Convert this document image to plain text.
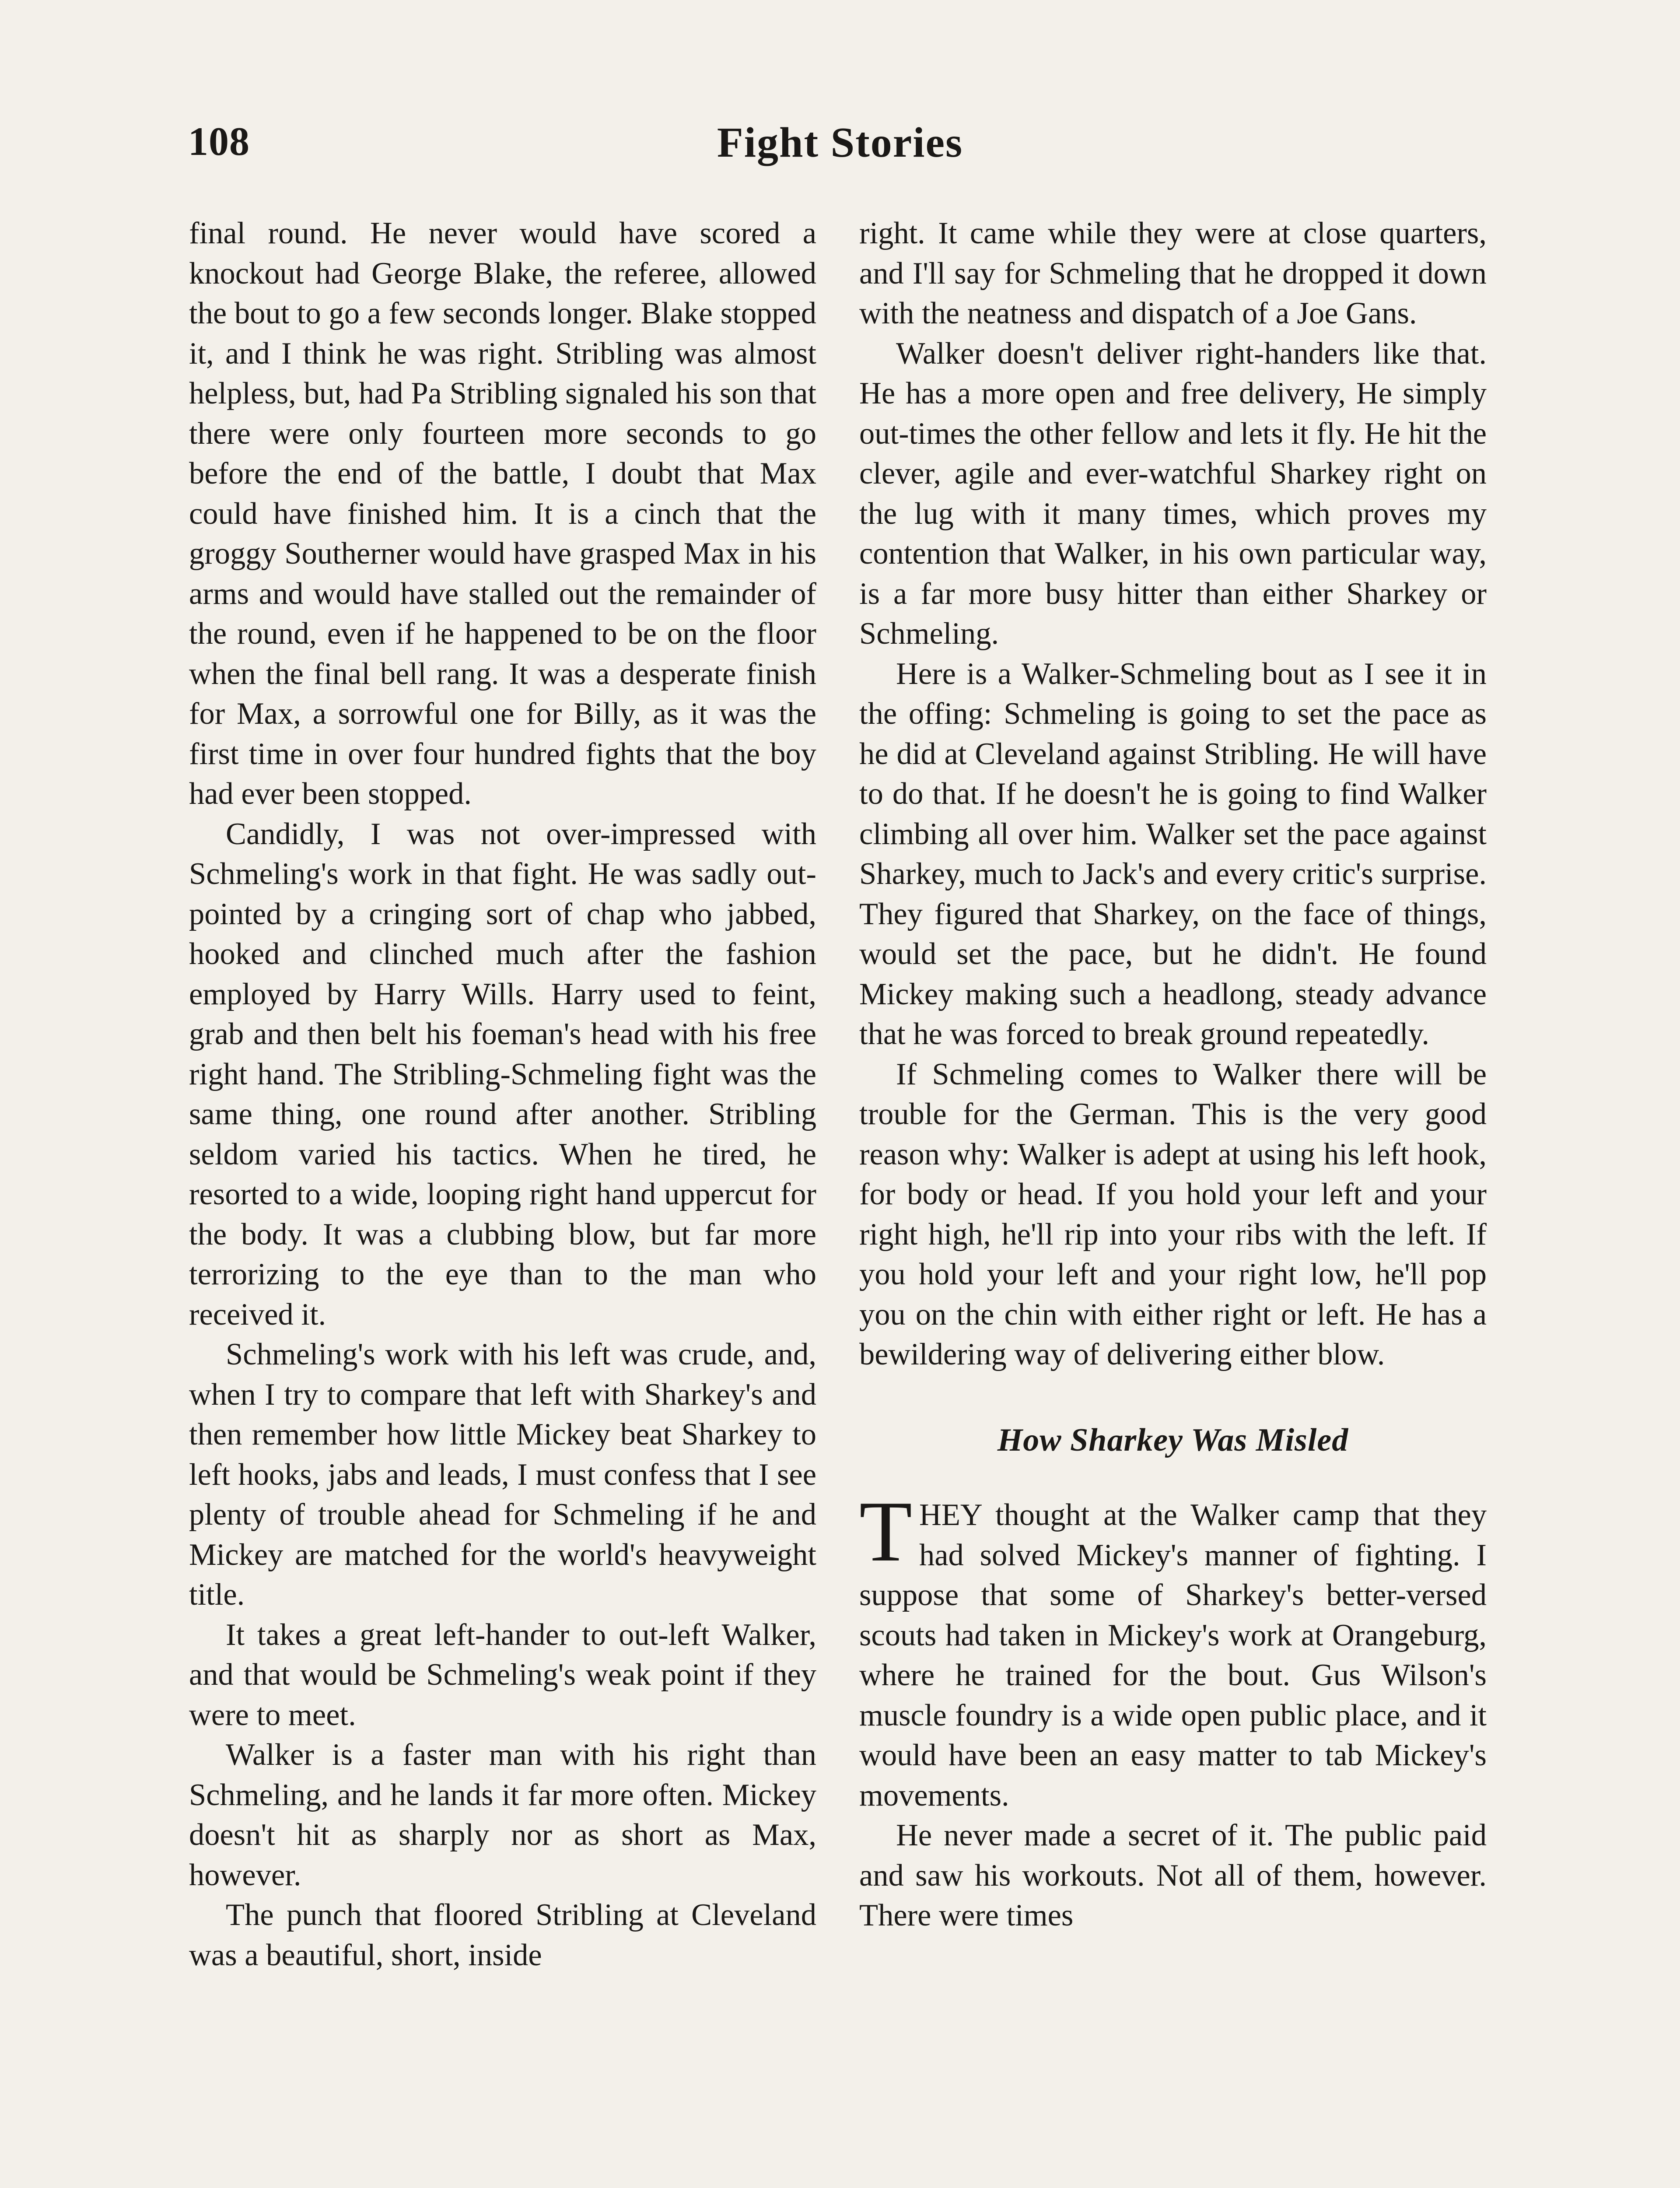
108	Fight Stories

final round. He never would have scored a knockout had George Blake, the referee, allowed the bout to go a few seconds longer. Blake stopped it, and I think he was right. Stribling was almost helpless, but, had Pa Stribling signaled his son that there were only fourteen more seconds to go before the end of the battle, I doubt that Max could have finished him. It is a cinch that the groggy Southerner would have grasped Max in his arms and would have stalled out the remainder of the round, even if he happened to be on the floor when the final bell rang. It was a desperate finish for Max, a sorrowful one for Billy, as it was the first time in over four hundred fights that the boy had ever been stopped.

Candidly, I was not over-impressed with Schmeling's work in that fight. He was sadly out-pointed by a cringing sort of chap who jabbed, hooked and clinched much after the fashion employed by Harry Wills. Harry used to feint, grab and then belt his foeman's head with his free right hand. The Stribling-Schmeling fight was the same thing, one round after another. Stribling seldom varied his tactics. When he tired, he resorted to a wide, looping right hand uppercut for the body. It was a clubbing blow, but far more terrorizing to the eye than to the man who received it.

Schmeling's work with his left was crude, and, when I try to compare that left with Sharkey's and then remember how little Mickey beat Sharkey to left hooks, jabs and leads, I must confess that I see plenty of trouble ahead for Schmeling if he and Mickey are matched for the world's heavyweight title.

It takes a great left-hander to out-left Walker, and that would be Schmeling's weak point if they were to meet.

Walker is a faster man with his right than Schmeling, and he lands it far more often. Mickey doesn't hit as sharply nor as short as Max, however.

The punch that floored Stribling at Cleveland was a beautiful, short, inside

right. It came while they were at close quarters, and I'll say for Schmeling that he dropped it down with the neatness and dispatch of a Joe Gans.

Walker doesn't deliver right-handers like that. He has a more open and free delivery, He simply out-times the other fellow and lets it fly. He hit the clever, agile and ever-watchful Sharkey right on the lug with it many times, which proves my contention that Walker, in his own particular way, is a far more busy hitter than either Sharkey or Schmeling.

Here is a Walker-Schmeling bout as I see it in the offing: Schmeling is going to set the pace as he did at Cleveland against Stribling. He will have to do that. If he doesn't he is going to find Walker climbing all over him. Walker set the pace against Sharkey, much to Jack's and every critic's surprise. They figured that Sharkey, on the face of things, would set the pace, but he didn't. He found Mickey making such a headlong, steady advance that he was forced to break ground repeatedly.

If Schmeling comes to Walker there will be trouble for the German. This is the very good reason why: Walker is adept at using his left hook, for body or head. If you hold your left and your right high, he'll rip into your ribs with the left. If you hold your left and your right low, he'll pop you on the chin with either right or left. He has a bewildering way of delivering either blow.

How Sharkey Was Misled

THEY thought at the Walker camp that they had solved Mickey's manner of fighting. I suppose that some of Sharkey's better-versed scouts had taken in Mickey's work at Orangeburg, where he trained for the bout. Gus Wilson's muscle foundry is a wide open public place, and it would have been an easy matter to tab Mickey's movements.

He never made a secret of it. The public paid and saw his workouts. Not all of them, however. There were times
